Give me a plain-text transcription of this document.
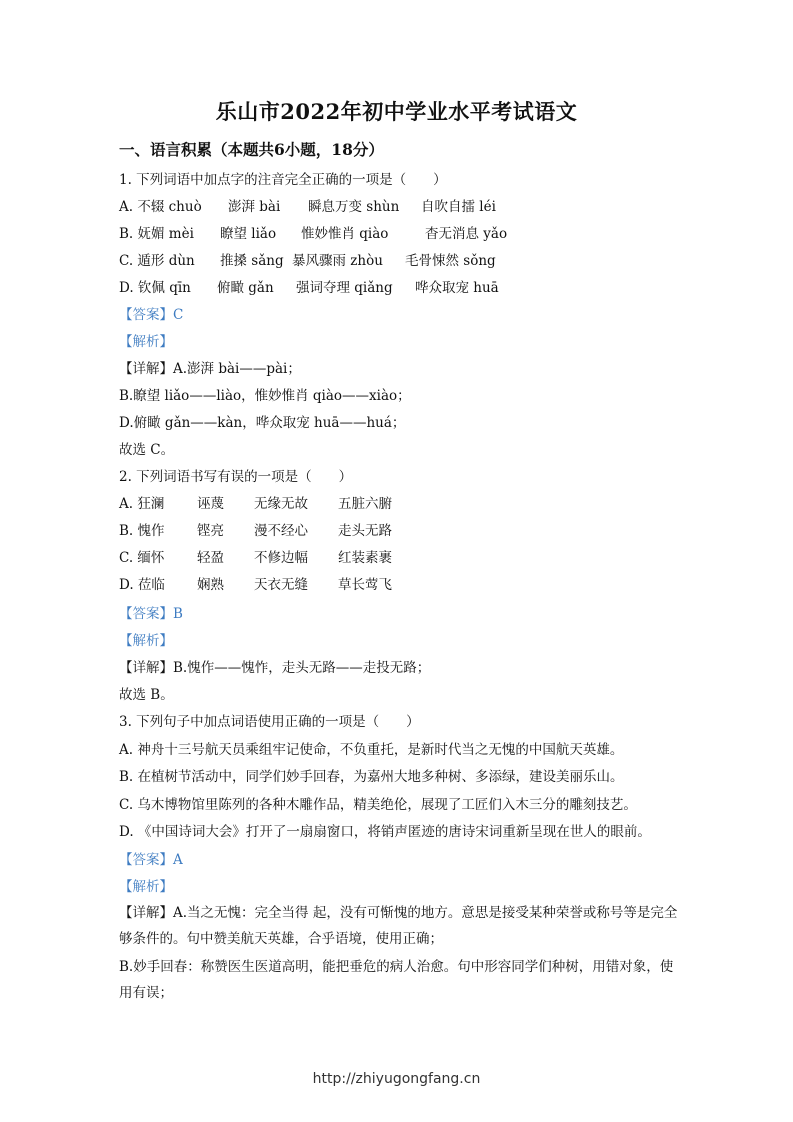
乐山市2022年初中学业水平考试语文
一、语言积累（本题共6小题，18分）
1. 下列词语中加点字的注音完全正确的一项是（　　）
A. 不辍 chuò 澎湃 bài 瞬息万变 shùn 自吹自擂 léi
B. 妩媚 mèi 瞭望 liǎo 惟妙惟肖 qiào	杳无消息 yǎo
C. 遁形 dùn 推搡 sǎng 暴风骤雨 zhòu 毛骨悚然 sǒng
D. 钦佩 qīn 俯瞰 gǎn 强词夺理 qiǎng 哗众取宠 huā
【答案】C
【解析】
【详解】A.澎湃 bài——pài；
B.瞭望 liǎo——liào，惟妙惟肖 qiào——xiào；
D.俯瞰 gǎn——kàn，哗众取宠 huā——huá；
故选 C。
2. 下列词语书写有误的一项是（　　）
A. 狂澜 诬蔑 无缘无故 五脏六腑
B. 愧作 铿亮 漫不经心 走头无路
C. 缅怀 轻盈 不修边幅 红装素裹
D. 莅临 娴熟 天衣无缝 草长莺飞
【答案】B
【解析】
【详解】B.愧作——愧怍，走头无路——走投无路；
故选 B。
3. 下列句子中加点词语使用正确的一项是（　　）
A. 神舟十三号航天员乘组牢记使命，不负重托，是新时代当之无愧的中国航天英雄。
B. 在植树节活动中，同学们妙手回春，为嘉州大地多种树、多添绿，建设美丽乐山。
C. 乌木博物馆里陈列的各种木雕作品，精美绝伦，展现了工匠们入木三分的雕刻技艺。
D. 《中国诗词大会》打开了一扇扇窗口，将销声匿迹的唐诗宋词重新呈现在世人的眼前。
【答案】A
【解析】
【详解】A.当之无愧：完全当得 起，没有可惭愧的地方。意思是接受某种荣誉或称号等是完全够条件的。句中赞美航天英雄，合乎语境，使用正确；
B.妙手回春：称赞医生医道高明，能把垂危的病人治愈。句中形容同学们种树，用错对象，使用有误；
http://zhiyugongfang.cn
